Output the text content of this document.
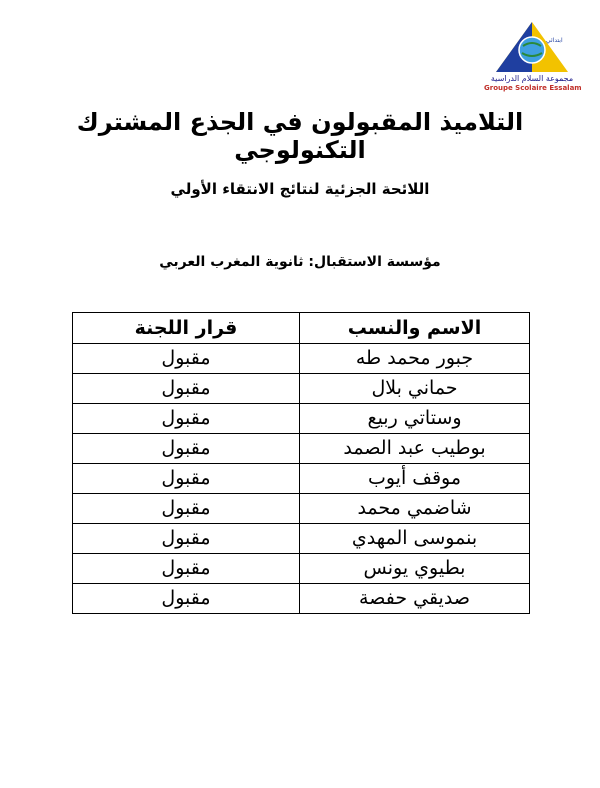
ابتدائي
مجموعة السلام الدراسية
Groupe Scolaire Essalam
التلاميذ المقبولون في الجذع المشترك التكنولوجي
اللائحة الجزئية لنتائج الانتقاء الأولي
مؤسسة الاستقبال: ثانوية المغرب العربي
الاسم والنسب	قرار اللجنة
جبور محمد طه	مقبول
حماني بلال	مقبول
وستاتي ربيع	مقبول
بوطيب عبد الصمد	مقبول
موقف أيوب	مقبول
شاضمي محمد	مقبول
بنموسى المهدي	مقبول
بطيوي يونس	مقبول
صديقي حفصة	مقبول
